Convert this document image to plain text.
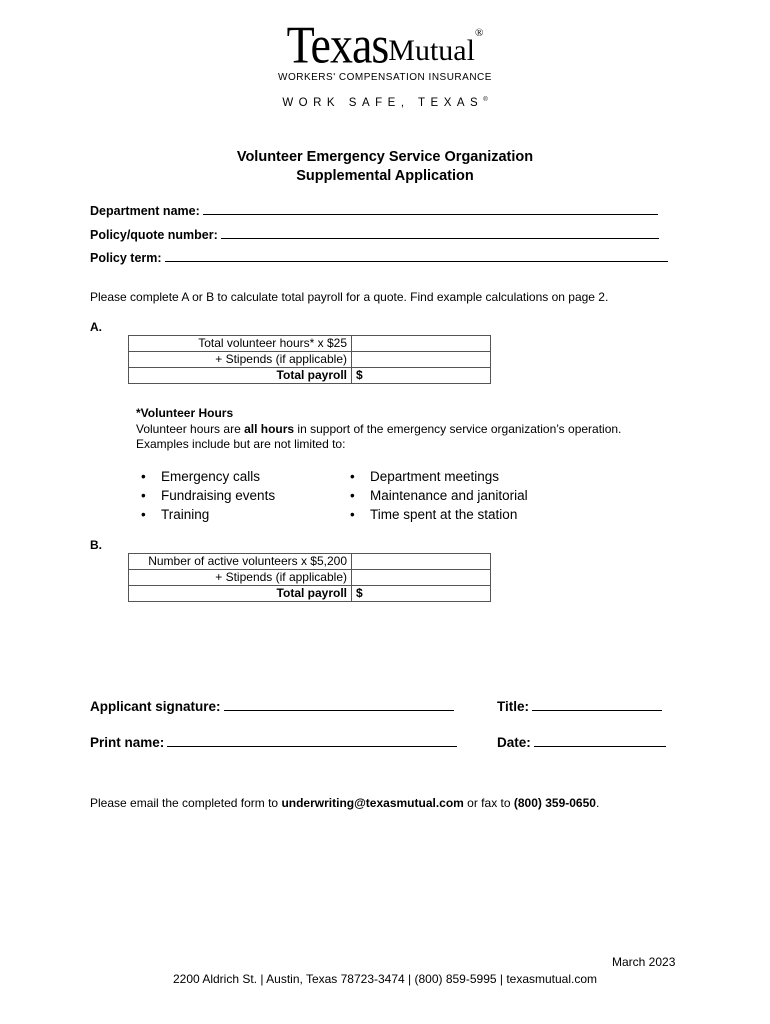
TexasMutual®
WORKERS' COMPENSATION INSURANCE
WORK SAFE, TEXAS®
Volunteer Emergency Service Organization
Supplemental Application
Department name:
Policy/quote number:
Policy term:
Please complete A or B to calculate total payroll for a quote. Find example calculations on page 2.
A.
Total volunteer hours* x $25	
+ Stipends (if applicable)	
Total payroll	$
*Volunteer Hours
Volunteer hours are all hours in support of the emergency service organization’s operation.
Examples include but are not limited to:
• Emergency calls
• Fundraising events
• Training
• Department meetings
• Maintenance and janitorial
• Time spent at the station
B.
Number of active volunteers x $5,200	
+ Stipends (if applicable)	
Total payroll	$
Applicant signature:	Title:
Print name:	Date:
Please email the completed form to underwriting@texasmutual.com or fax to (800) 359-0650.
March 2023
2200 Aldrich St. | Austin, Texas 78723-3474 | (800) 859-5995 | texasmutual.com
